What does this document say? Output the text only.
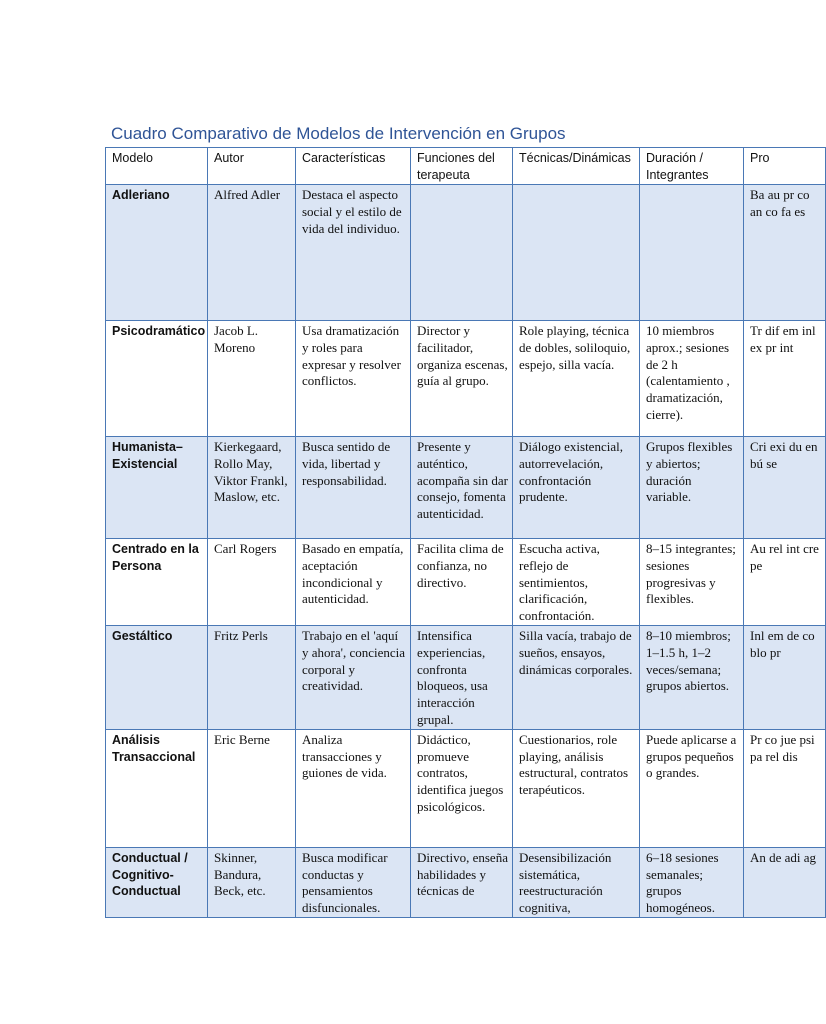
Cuadro Comparativo de Modelos de Intervención en Grupos
Modelo	Autor	Características	Funciones del terapeuta	Técnicas/Dinámicas	Duración / Integrantes	Pro
Adleriano	Alfred Adler	Destaca el aspecto social y el estilo de vida del individuo.				Ba au pr co an co fa es
Psicodramático	Jacob L. Moreno	Usa dramatización y roles para expresar y resolver conflictos.	Director y facilitador, organiza escenas, guía al grupo.	Role playing, técnica de dobles, soliloquio, espejo, silla vacía.	10 miembros aprox.; sesiones de 2 h (calentamiento , dramatización, cierre).	Tr dif em inl ex pr int
Humanista–Existencial	Kierkegaard, Rollo May, Viktor Frankl, Maslow, etc.	Busca sentido de vida, libertad y responsabilidad.	Presente y auténtico, acompaña sin dar consejo, fomenta autenticidad.	Diálogo existencial, autorrevelación, confrontación prudente.	Grupos flexibles y abiertos; duración variable.	Cri exi du en bú se
Centrado en la Persona	Carl Rogers	Basado en empatía, aceptación incondicional y autenticidad.	Facilita clima de confianza, no directivo.	Escucha activa, reflejo de sentimientos, clarificación, confrontación.	8–15 integrantes; sesiones progresivas y flexibles.	Au rel int cre pe
Gestáltico	Fritz Perls	Trabajo en el 'aquí y ahora', conciencia corporal y creatividad.	Intensifica experiencias, confronta bloqueos, usa interacción grupal.	Silla vacía, trabajo de sueños, ensayos, dinámicas corporales.	8–10 miembros; 1–1.5 h, 1–2 veces/semana; grupos abiertos.	Inl em de co blo pr
Análisis Transaccional	Eric Berne	Analiza transacciones y guiones de vida.	Didáctico, promueve contratos, identifica juegos psicológicos.	Cuestionarios, role playing, análisis estructural, contratos terapéuticos.	Puede aplicarse a grupos pequeños o grandes.	Pr co jue psi pa rel dis
Conductual / Cognitivo-Conductual	Skinner, Bandura, Beck, etc.	Busca modificar conductas y pensamientos disfuncionales.	Directivo, enseña habilidades y técnicas de	Desensibilización sistemática, reestructuración cognitiva,	6–18 sesiones semanales; grupos homogéneos.	An de adi ag
